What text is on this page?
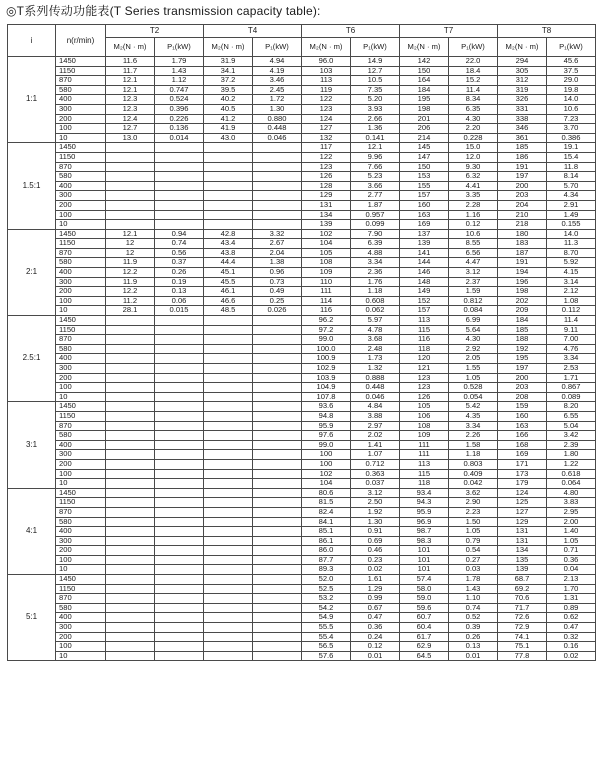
◎T系列传动功能表(T Series transmission capacity table):
i	n(r/min)	T2		T4		T6		T7		T8	
		M₂(N · m)	P₁(kW)	M₂(N · m)	P₁(kW)	M₂(N · m)	P₁(kW)	M₂(N · m)	P₁(kW)	M₂(N · m)	P₁(kW)
1:1	1450	11.6	1.79	31.9	4.94	96.0	14.9	142	22.0	294	45.6
	1150	11.7	1.43	34.1	4.19	103	12.7	150	18.4	305	37.5
	870	12.1	1.12	37.2	3.46	113	10.5	164	15.2	312	29.0
	580	12.1	0.747	39.5	2.45	119	7.35	184	11.4	319	19.8
	400	12.3	0.524	40.2	1.72	122	5.20	195	8.34	326	14.0
	300	12.3	0.396	40.5	1.30	123	3.93	198	6.35	331	10.6
	200	12.4	0.226	41.2	0.880	124	2.66	201	4.30	338	7.23
	100	12.7	0.136	41.9	0.448	127	1.36	206	2.20	346	3.70
	10	13.0	0.014	43.0	0.046	132	0.141	214	0.228	361	0.386
1.5:1	1450					117	12.1	145	15.0	185	19.1
	1150					122	9.96	147	12.0	186	15.4
	870					123	7.66	150	9.30	191	11.8
	580					126	5.23	153	6.32	197	8.14
	400					128	3.66	155	4.41	200	5.70
	300					129	2.77	157	3.35	203	4.34
	200					131	1.87	160	2.28	204	2.91
	100					134	0.957	163	1.16	210	1.49
	10					139	0.099	169	0.12	218	0.155
2:1	1450	12.1	0.94	42.8	3.32	102	7.90	137	10.6	180	14.0
	1150	12	0.74	43.4	2.67	104	6.39	139	8.55	183	11.3
	870	12	0.56	43.8	2.04	105	4.88	141	6.56	187	8.70
	580	11.9	0.37	44.4	1.38	108	3.34	144	4.47	191	5.92
	400	12.2	0.26	45.1	0.96	109	2.36	146	3.12	194	4.15
	300	11.9	0.19	45.5	0.73	110	1.76	148	2.37	196	3.14
	200	12.2	0.13	46.1	0.49	111	1.18	149	1.59	198	2.12
	100	11.2	0.06	46.6	0.25	114	0.608	152	0.812	202	1.08
	10	28.1	0.015	48.5	0.026	116	0.062	157	0.084	209	0.112
2.5:1	1450					96.2	5.97	113	6.99	184	11.4
	1150					97.2	4.78	115	5.64	185	9.11
	870					99.0	3.68	116	4.30	188	7.00
	580					100.0	2.48	118	2.92	192	4.76
	400					100.9	1.73	120	2.05	195	3.34
	300					102.9	1.32	121	1.55	197	2.53
	200					103.9	0.888	123	1.05	200	1.71
	100					104.9	0.448	123	0.528	203	0.867
	10					107.8	0.046	126	0.054	208	0.089
3:1	1450					93.6	4.84	105	5.42	159	8.20
	1150					94.8	3.88	106	4.35	160	6.55
	870					95.9	2.97	108	3.34	163	5.04
	580					97.6	2.02	109	2.26	166	3.42
	400					99.0	1.41	111	1.58	168	2.39
	300					100	1.07	111	1.18	169	1.80
	200					100	0.712	113	0.803	171	1.22
	100					102	0.363	115	0.409	173	0.618
	10					104	0.037	118	0.042	179	0.064
4:1	1450					80.6	3.12	93.4	3.62	124	4.80
	1150					81.5	2.50	94.3	2.90	125	3.83
	870					82.4	1.92	95.9	2.23	127	2.95
	580					84.1	1.30	96.9	1.50	129	2.00
	400					85.1	0.91	98.7	1.05	131	1.40
	300					86.1	0.69	98.3	0.79	131	1.05
	200					86.0	0.46	101	0.54	134	0.71
	100					87.7	0.23	101	0.27	135	0.36
	10					89.3	0.02	101	0.03	139	0.04
5:1	1450					52.0	1.61	57.4	1.78	68.7	2.13
	1150					52.5	1.29	58.0	1.43	69.2	1.70
	870					53.2	0.99	59.0	1.10	70.6	1.31
	580					54.2	0.67	59.6	0.74	71.7	0.89
	400					54.9	0.47	60.7	0.52	72.6	0.62
	300					55.5	0.36	60.4	0.39	72.9	0.47
	200					55.4	0.24	61.7	0.26	74.1	0.32
	100					56.5	0.12	62.9	0.13	75.1	0.16
	10					57.6	0.01	64.5	0.01	77.8	0.02
